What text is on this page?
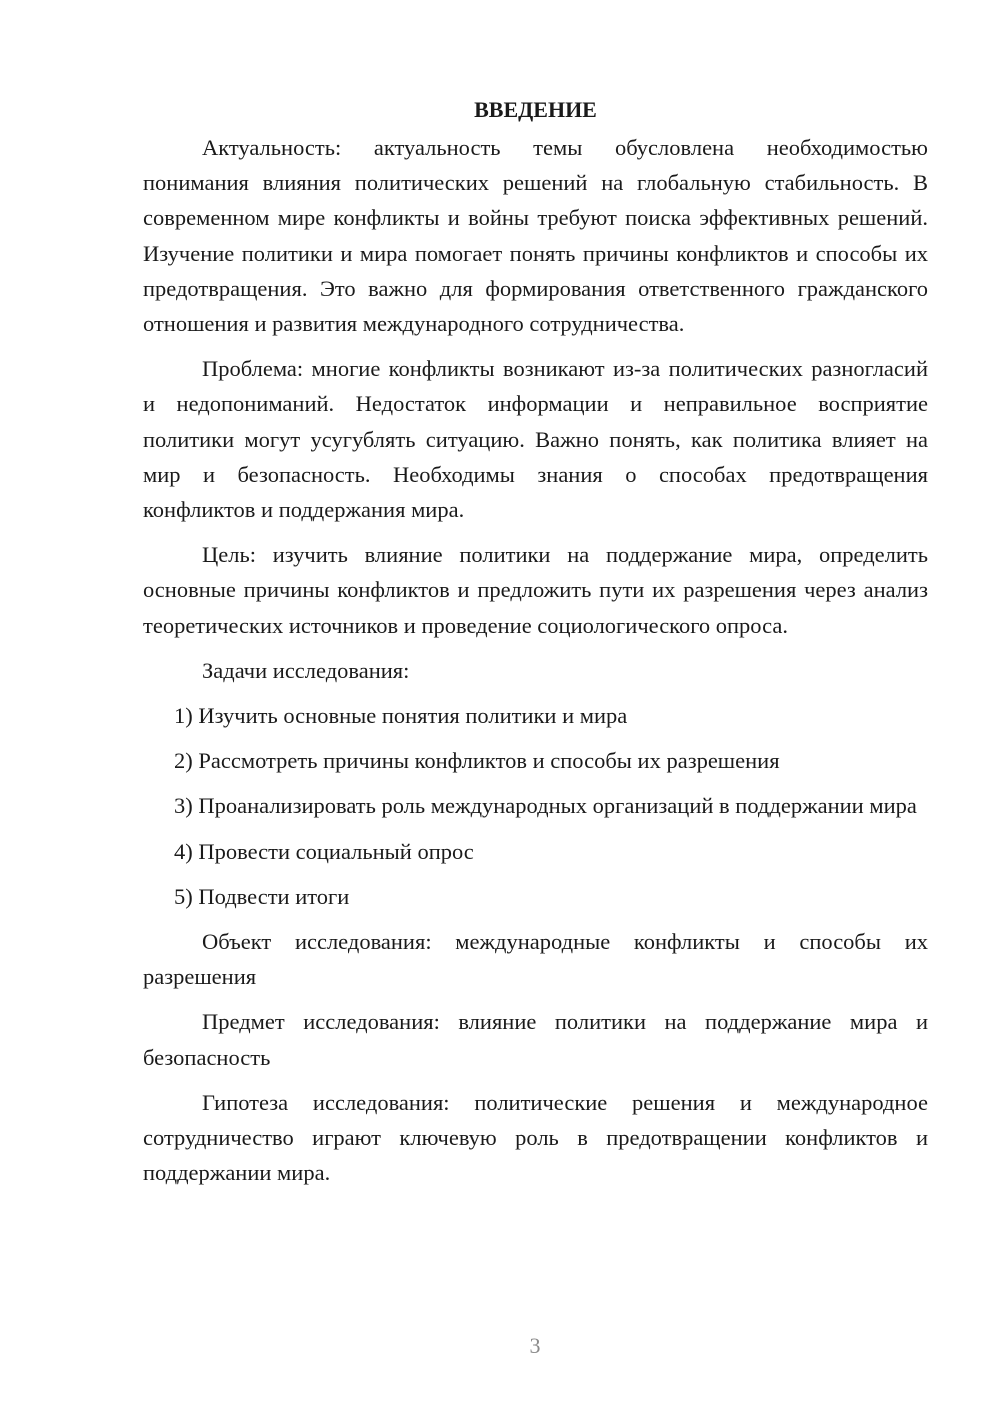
ВВЕДЕНИЕ

Актуальность: актуальность темы обусловлена необходимостью понимания влияния политических решений на глобальную стабильность. В современном мире конфликты и войны требуют поиска эффективных решений. Изучение политики и мира помогает понять причины конфликтов и способы их предотвращения. Это важно для формирования ответственного гражданского отношения и развития международного сотрудничества.

Проблема: многие конфликты возникают из-за политических разногласий и недопониманий. Недостаток информации и неправильное восприятие политики могут усугублять ситуацию. Важно понять, как политика влияет на мир и безопасность. Необходимы знания о способах предотвращения конфликтов и поддержания мира.

Цель: изучить влияние политики на поддержание мира, определить основные причины конфликтов и предложить пути их разрешения через анализ теоретических источников и проведение социологического опроса.

Задачи исследования:

1) Изучить основные понятия политики и мира

2) Рассмотреть причины конфликтов и способы их разрешения

3) Проанализировать роль международных организаций в поддержании мира

4) Провести социальный опрос

5) Подвести итоги

Объект исследования: международные конфликты и способы их разрешения

Предмет исследования: влияние политики на поддержание мира и безопасность

Гипотеза исследования: политические решения и международное сотрудничество играют ключевую роль в предотвращении конфликтов и поддержании мира.

3
